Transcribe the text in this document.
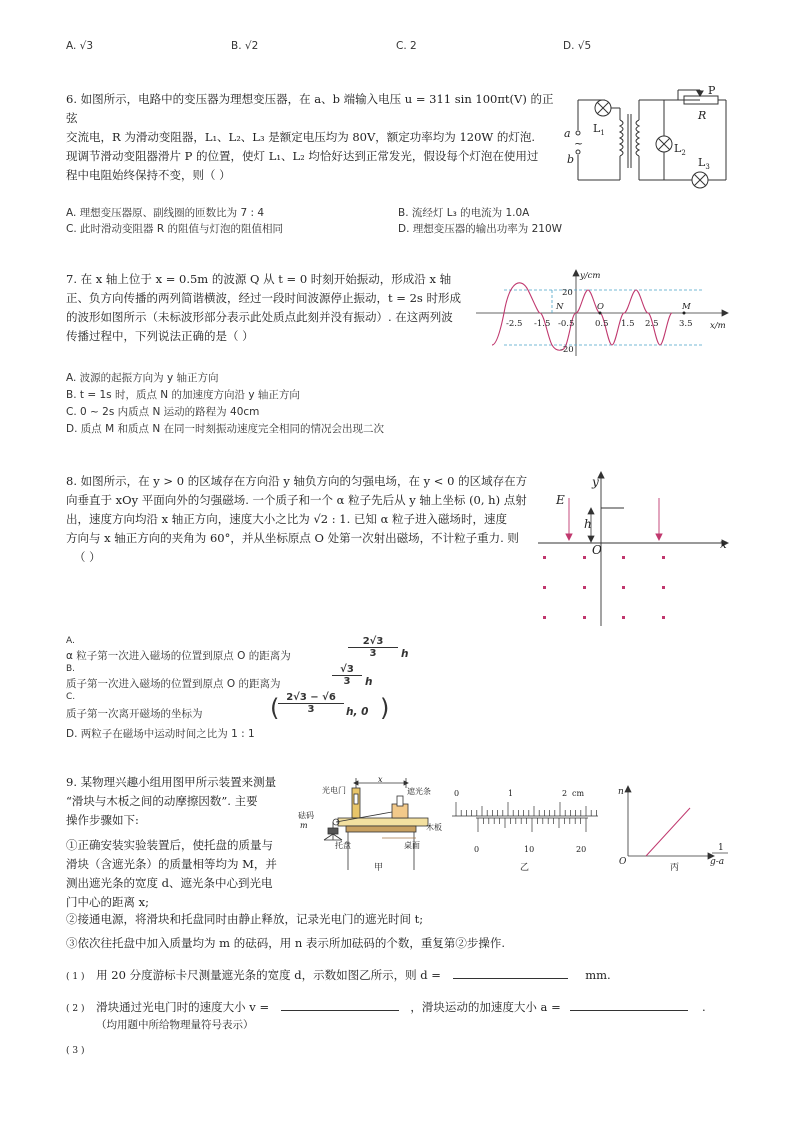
A. √3	B. √2	C. 2	D. √5
6. 如图所示，电路中的变压器为理想变压器，在 a、b 端输入电压 u = 311 sin 100πt(V) 的正弦
交流电，R 为滑动变阻器，L₁、L₂、L₃ 是额定电压均为 80V，额定功率均为 120W 的灯泡.
现调节滑动变阻器滑片 P 的位置，使灯 L₁、L₂ 均恰好达到正常发光，假设每个灯泡在使用过
程中电阻始终保持不变，则（ ）
a
~
b
P
R
$L_1$
$L_2$
$L_3$
A. 理想变压器原、副线圈的匝数比为 7 : 4	B. 流经灯 L₃ 的电流为 1.0A
C. 此时滑动变阻器 R 的阻值与灯泡的阻值相同	D. 理想变压器的输出功率为 210W
7. 在 x 轴上位于 x = 0.5m 的波源 Q 从 t = 0 时刻开始振动，形成沿 x 轴
正、负方向传播的两列简谐横波，经过一段时间波源停止振动，t = 2s 时形成
的波形如图所示（未标波形部分表示此处质点此刻并没有振动）. 在这两列波
传播过程中，下列说法正确的是（ ）
y/cm
x/m
20
-20
-2.5 -1.5 -0.5 0.5 1.5 2.5 3.5
N	O	M
A. 波源的起振方向为 y 轴正方向
B. t = 1s 时，质点 N 的加速度方向沿 y 轴正方向
C. 0 ~ 2s 内质点 N 运动的路程为 40cm
D. 质点 M 和质点 N 在同一时刻振动速度完全相同的情况会出现二次
8. 如图所示，在 y > 0 的区域存在方向沿 y 轴负方向的匀强电场，在 y < 0 的区域存在方
向垂直于 xOy 平面向外的匀强磁场. 一个质子和一个 α 粒子先后从 y 轴上坐标 (0, h) 点射
出，速度方向均沿 x 轴正方向，速度大小之比为 √2 : 1. 已知 α 粒子进入磁场时，速度
方向与 x 轴正方向的夹角为 60°，并从坐标原点 O 处第一次射出磁场，不计粒子重力. 则
（ ）
E
h
y
x
O
A.
α 粒子第一次进入磁场的位置到原点 O 的距离为	$\frac{2√3}{3}$ h
B.
质子第一次进入磁场的位置到原点 O 的距离为	$\frac{√3}{3}$ h
C.
质子第一次离开磁场的坐标为	(
$\frac{2√3 - √6}{3} h$, 0 )
D. 两粒子在磁场中运动时间之比为 1 : 1
9. 某物理兴趣小组用图甲所示装置来测量
“滑块与木板之间的动摩擦因数”. 主要
操作步骤如下:
①正确安装实验装置后，使托盘的质量与
滑块（含遮光条）的质量相等均为 M，并
测出遮光条的宽度 d、遮光条中心到光电
门中心的距离 x;
光电门	遮光条
x
砝码
m
托盘
木板
桌面
甲
0	1	2 cm
0	10	20
乙
n
O
1
g-a
丙
②接通电源，将滑块和托盘同时由静止释放，记录光电门的遮光时间 t;
③依次往托盘中加入质量均为 m 的砝码，用 n 表示所加砝码的个数，重复第②步操作.
( 1 ) 用 20 分度游标卡尺测量遮光条的宽度 d，示数如图乙所示，则 d =	mm.
( 2 ) 滑块通过光电门时的速度大小 v =	，滑块运动的加速度大小 a =	.
（均用题中所给物理量符号表示）
( 3 )
